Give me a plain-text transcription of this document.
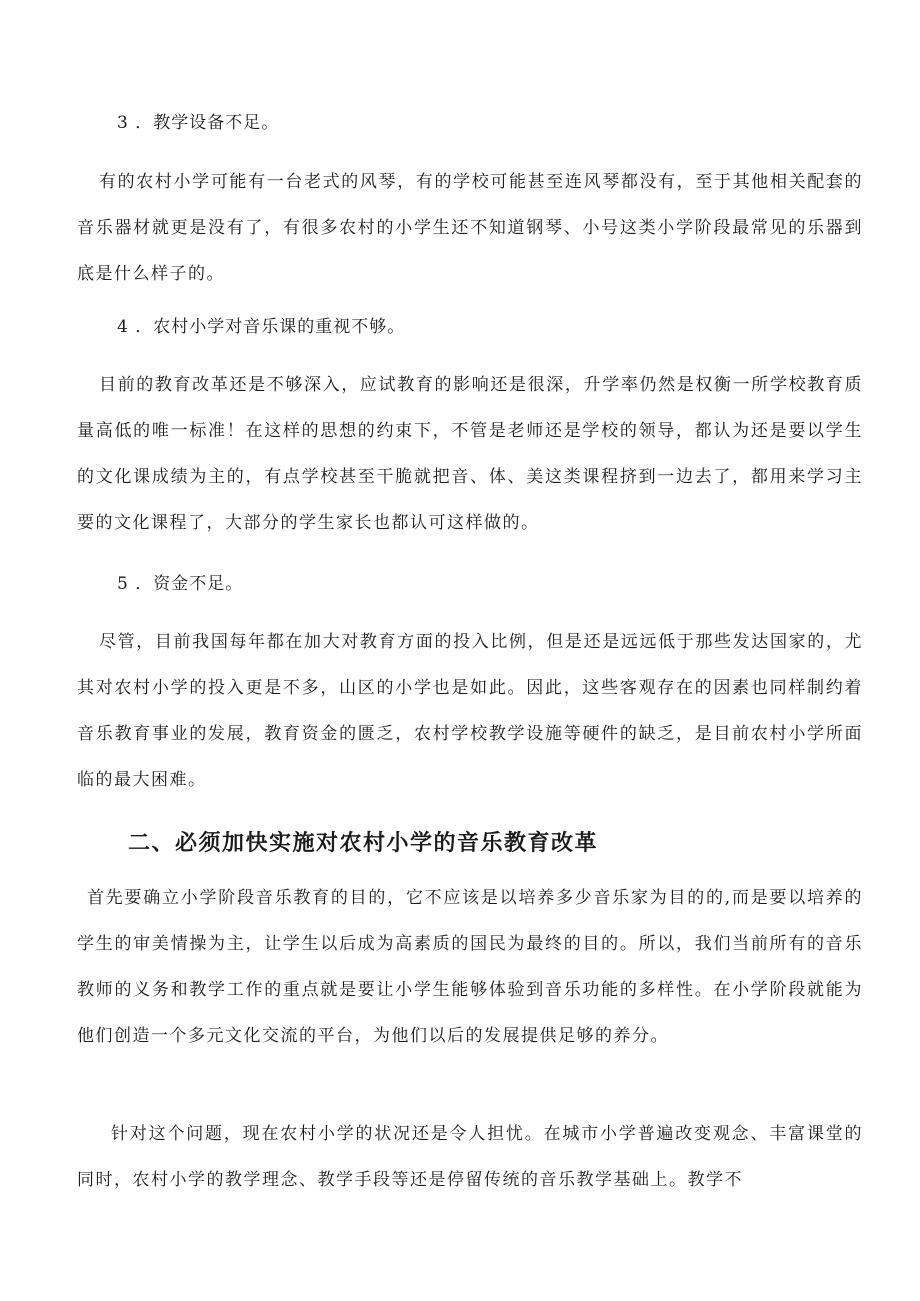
3 ．教学设备不足。
有的农村小学可能有一台老式的风琴，有的学校可能甚至连风琴都没有，至于其他相关配套的音乐器材就更是没有了，有很多农村的小学生还不知道钢琴、小号这类小学阶段最常见的乐器到底是什么样子的。
4 ．农村小学对音乐课的重视不够。
目前的教育改革还是不够深入，应试教育的影响还是很深，升学率仍然是权衡一所学校教育质量高低的唯一标准！在这样的思想的约束下，不管是老师还是学校的领导，都认为还是要以学生的文化课成绩为主的，有点学校甚至干脆就把音、体、美这类课程挤到一边去了，都用来学习主要的文化课程了，大部分的学生家长也都认可这样做的。
5 ．资金不足。
尽管，目前我国每年都在加大对教育方面的投入比例，但是还是远远低于那些发达国家的，尤其对农村小学的投入更是不多，山区的小学也是如此。因此，这些客观存在的因素也同样制约着音乐教育事业的发展，教育资金的匮乏，农村学校教学设施等硬件的缺乏，是目前农村小学所面临的最大困难。
二、必须加快实施对农村小学的音乐教育改革
首先要确立小学阶段音乐教育的目的，它不应该是以培养多少音乐家为目的的,而是要以培养的学生的审美情操为主，让学生以后成为高素质的国民为最终的目的。所以，我们当前所有的音乐教师的义务和教学工作的重点就是要让小学生能够体验到音乐功能的多样性。在小学阶段就能为他们创造一个多元文化交流的平台，为他们以后的发展提供足够的养分。
针对这个问题，现在农村小学的状况还是令人担忧。在城市小学普遍改变观念、丰富课堂的同时，农村小学的教学理念、教学手段等还是停留传统的音乐教学基础上。教学不
